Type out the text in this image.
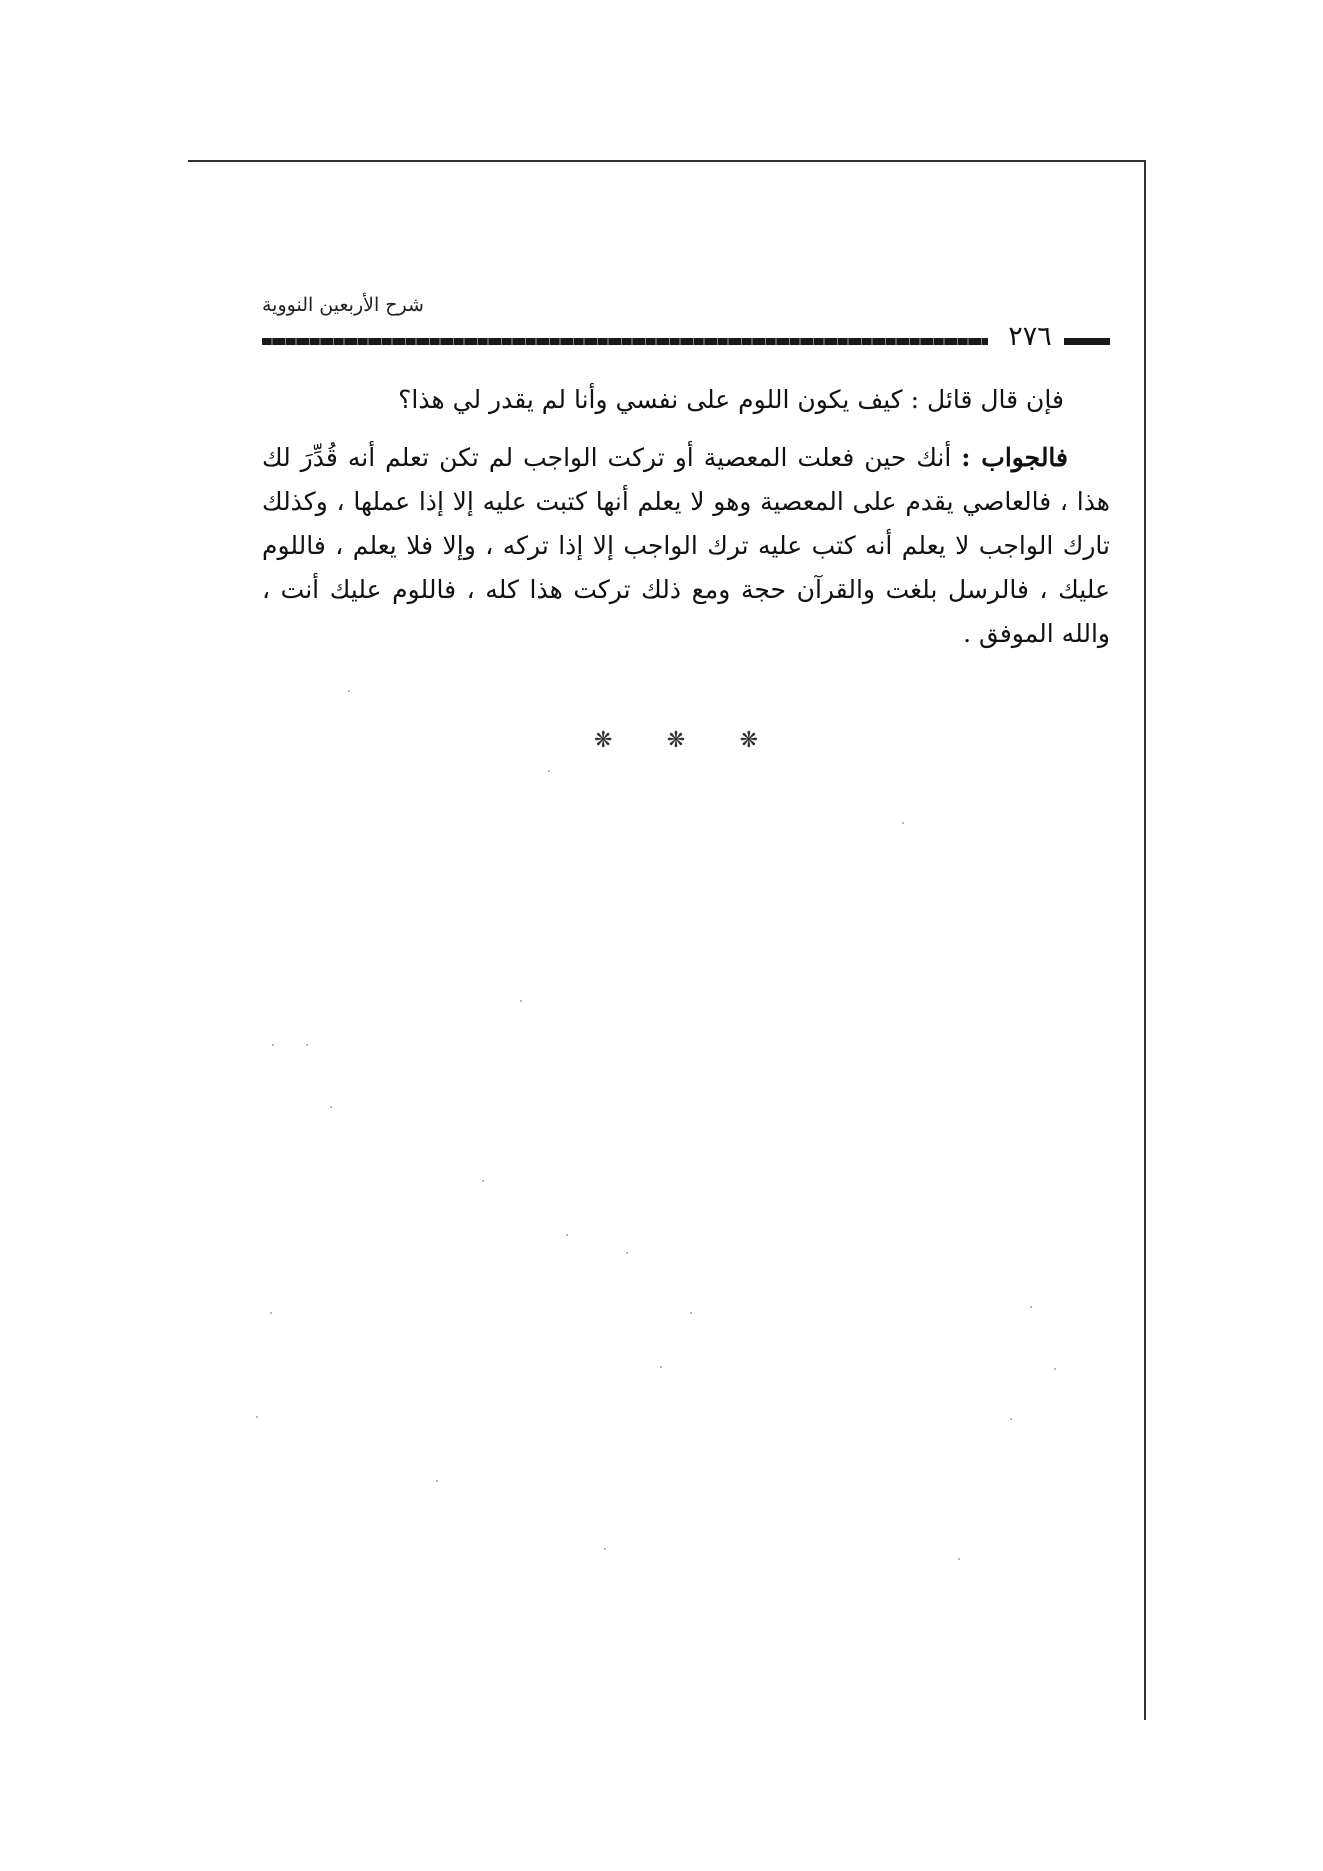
شرح الأربعين النووية
٢٧٦

فإن قال قائل : كيف يكون اللوم على نفسي وأنا لم يقدر لي هذا؟

فالجواب : أنك حين فعلت المعصية أو تركت الواجب لم تكن تعلم أنه قُدِّرَ لك هذا ، فالعاصي يقدم على المعصية وهو لا يعلم أنها كتبت عليه إلا إذا عملها ، وكذلك تارك الواجب لا يعلم أنه كتب عليه ترك الواجب إلا إذا تركه ، وإلا فلا يعلم ، فاللوم عليك ، فالرسل بلغت والقرآن حجة ومع ذلك تركت هذا كله ، فاللوم عليك أنت ، والله الموفق .

❋ ❋ ❋
